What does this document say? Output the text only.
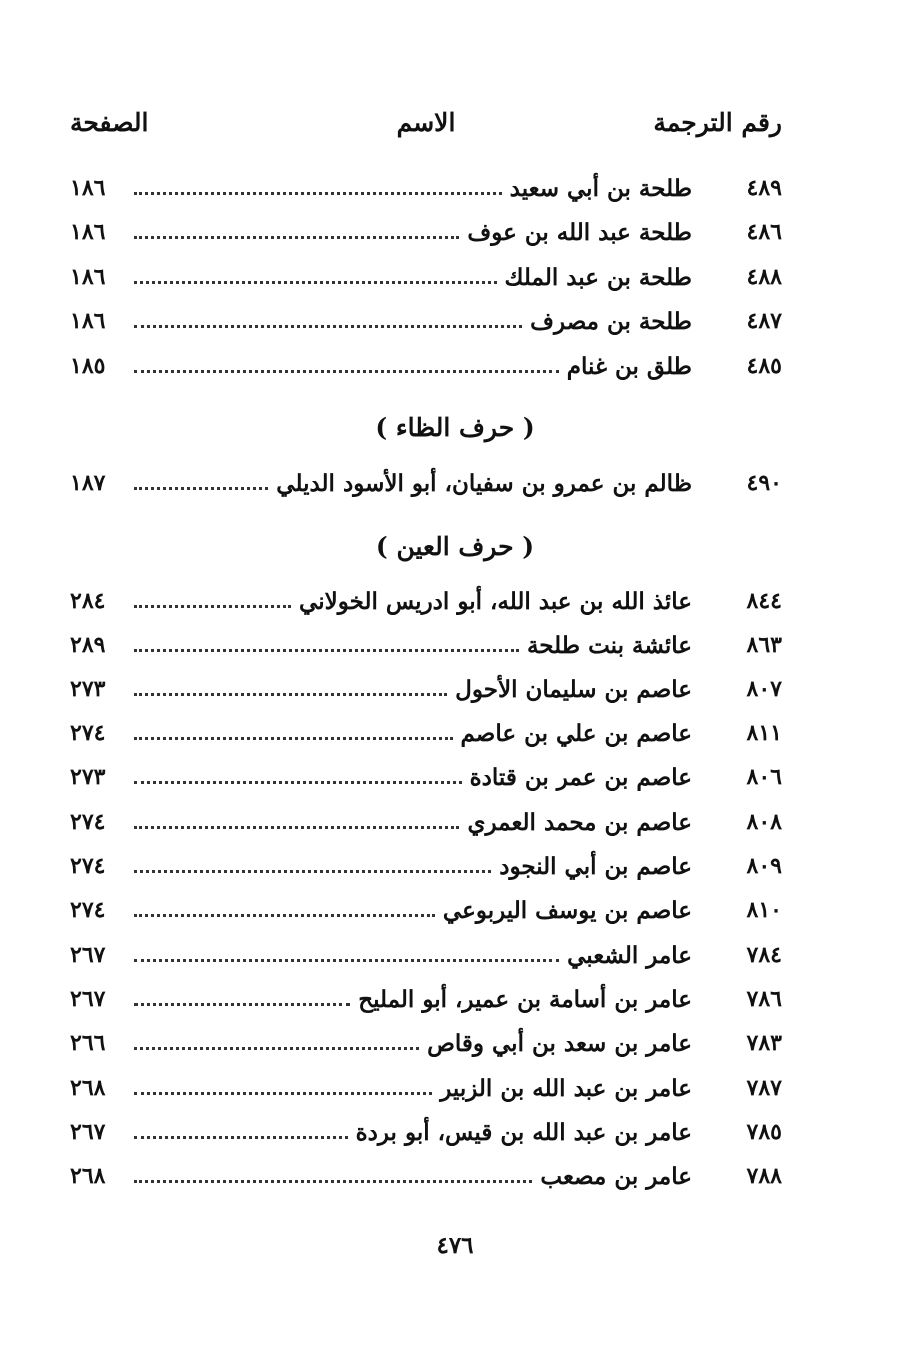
رقم الترجمة
الاسم
الصفحة
٤٨٩
طلحة بن أبي سعيد
١٨٦
٤٨٦
طلحة عبد الله بن عوف
١٨٦
٤٨٨
طلحة بن عبد الملك
١٨٦
٤٨٧
طلحة بن مصرف
١٨٦
٤٨٥
طلق بن غنام
١٨٥
( حرف الظاء )
٤٩٠
ظالم بن عمرو بن سفيان، أبو الأسود الديلي
١٨٧
( حرف العين )
٨٤٤
عائذ الله بن عبد الله، أبو ادريس الخولاني
٢٨٤
٨٦٣
عائشة بنت طلحة
٢٨٩
٨٠٧
عاصم بن سليمان الأحول
٢٧٣
٨١١
عاصم بن علي بن عاصم
٢٧٤
٨٠٦
عاصم بن عمر بن قتادة
٢٧٣
٨٠٨
عاصم بن محمد العمري
٢٧٤
٨٠٩
عاصم بن أبي النجود
٢٧٤
٨١٠
عاصم بن يوسف اليربوعي
٢٧٤
٧٨٤
عامر الشعبي
٢٦٧
٧٨٦
عامر بن أسامة بن عمير، أبو المليح
٢٦٧
٧٨٣
عامر بن سعد بن أبي وقاص
٢٦٦
٧٨٧
عامر بن عبد الله بن الزبير
٢٦٨
٧٨٥
عامر بن عبد الله بن قيس، أبو بردة
٢٦٧
٧٨٨
عامر بن مصعب
٢٦٨
٤٧٦
